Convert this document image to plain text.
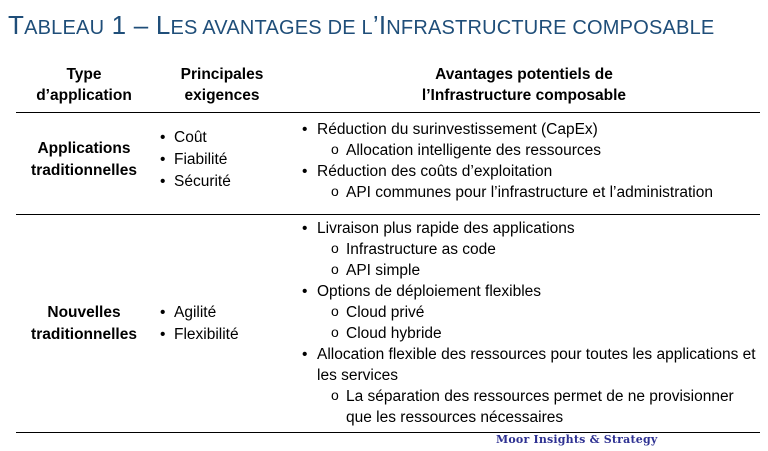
TABLEAU 1 – LES AVANTAGES DE L’INFRASTRUCTURE COMPOSABLE
Type
d’application
Principales
exigences
Avantages potentiels de
l’Infrastructure composable
Applications
traditionnelles
• Coût
• Fiabilité
• Sécurité
• Réduction du surinvestissement (CapEx)
o Allocation intelligente des ressources
• Réduction des coûts d’exploitation
o API communes pour l’infrastructure et l’administration
Nouvelles
traditionnelles
• Agilité
• Flexibilité
• Livraison plus rapide des applications
o Infrastructure as code
o API simple
• Options de déploiement flexibles
o Cloud privé
o Cloud hybride
• Allocation flexible des ressources pour toutes les applications et les services
o La séparation des ressources permet de ne provisionner que les ressources nécessaires
Moor Insights & Strategy
